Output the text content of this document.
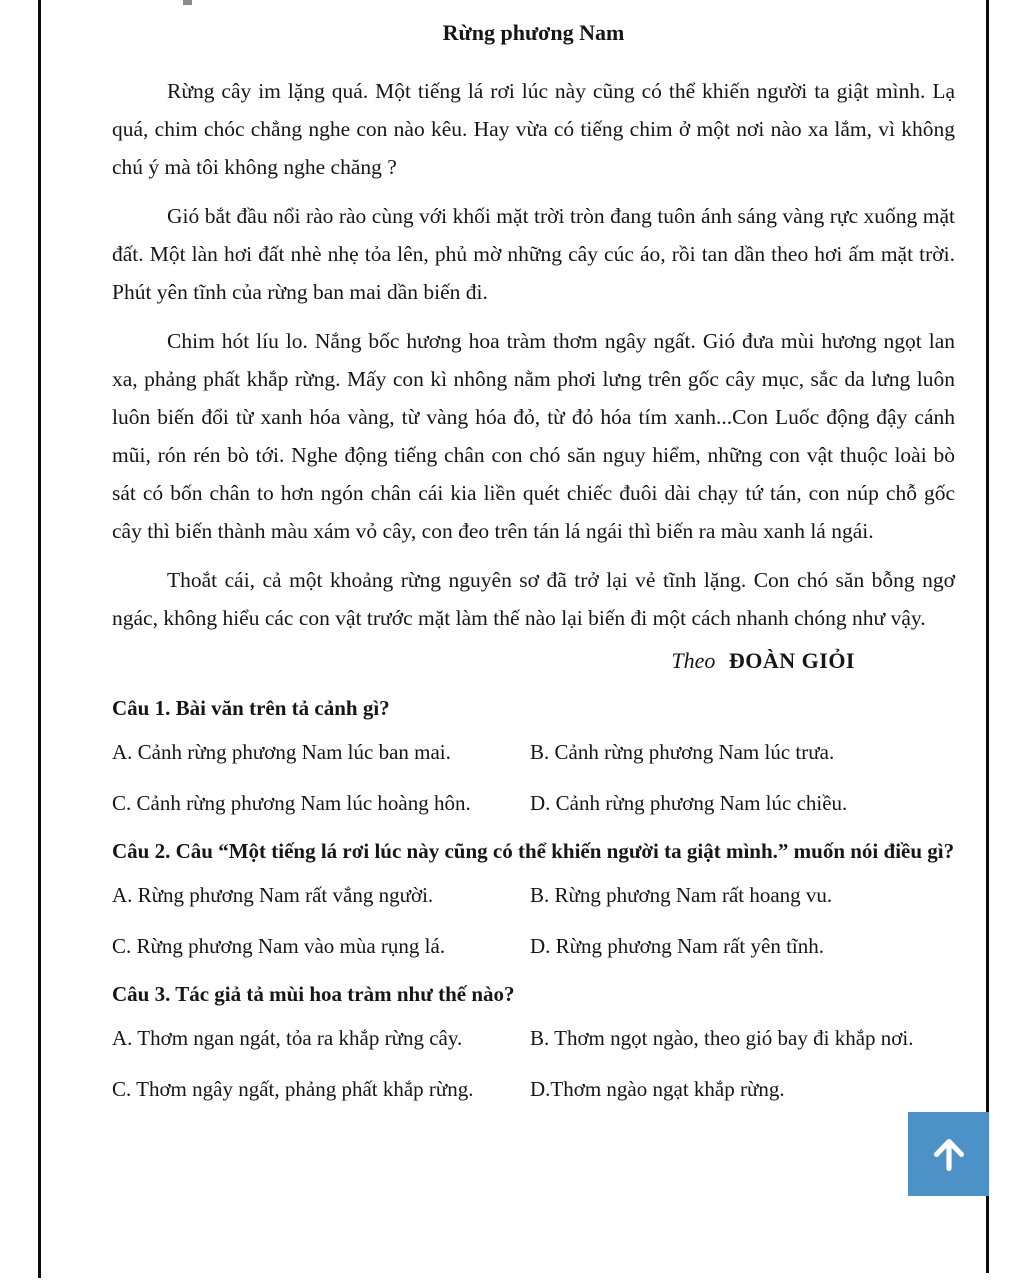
Rừng phương Nam

Rừng cây im lặng quá. Một tiếng lá rơi lúc này cũng có thể khiến người ta giật mình. Lạ quá, chim chóc chẳng nghe con nào kêu. Hay vừa có tiếng chim ở một nơi nào xa lắm, vì không chú ý mà tôi không nghe chăng ?

Gió bắt đầu nổi rào rào cùng với khối mặt trời tròn đang tuôn ánh sáng vàng rực xuống mặt đất. Một làn hơi đất nhè nhẹ tỏa lên, phủ mờ những cây cúc áo, rồi tan dần theo hơi ấm mặt trời. Phút yên tĩnh của rừng ban mai dần biến đi.

Chim hót líu lo. Nắng bốc hương hoa tràm thơm ngây ngất. Gió đưa mùi hương ngọt lan xa, phảng phất khắp rừng. Mấy con kì nhông nằm phơi lưng trên gốc cây mục, sắc da lưng luôn luôn biến đổi từ xanh hóa vàng, từ vàng hóa đỏ, từ đỏ hóa tím xanh...Con Luốc động đậy cánh mũi, rón rén bò tới. Nghe động tiếng chân con chó săn nguy hiểm, những con vật thuộc loài bò sát có bốn chân to hơn ngón chân cái kia liền quét chiếc đuôi dài chạy tứ tán, con núp chỗ gốc cây thì biến thành màu xám vỏ cây, con đeo trên tán lá ngái thì biến ra màu xanh lá ngái.

Thoắt cái, cả một khoảng rừng nguyên sơ đã trở lại vẻ tĩnh lặng. Con chó săn bỗng ngơ ngác, không hiểu các con vật trước mặt làm thế nào lại biến đi một cách nhanh chóng như vậy.

Theo ĐOÀN GIỎI
Câu 1. Bài văn trên tả cảnh gì?
A. Cảnh rừng phương Nam lúc ban mai.	B. Cảnh rừng phương Nam lúc trưa.
C. Cảnh rừng phương Nam lúc hoàng hôn.	D. Cảnh rừng phương Nam lúc chiều.
Câu 2. Câu “Một tiếng lá rơi lúc này cũng có thể khiến người ta giật mình.” muốn nói điều gì?
A. Rừng phương Nam rất vắng người.	B. Rừng phương Nam rất hoang vu.
C. Rừng phương Nam vào mùa rụng lá.	D. Rừng phương Nam rất yên tĩnh.
Câu 3. Tác giả tả mùi hoa tràm như thế nào?
A. Thơm ngan ngát, tỏa ra khắp rừng cây.	B. Thơm ngọt ngào, theo gió bay đi khắp nơi.
C. Thơm ngây ngất, phảng phất khắp rừng.	D.Thơm ngào ngạt khắp rừng.
